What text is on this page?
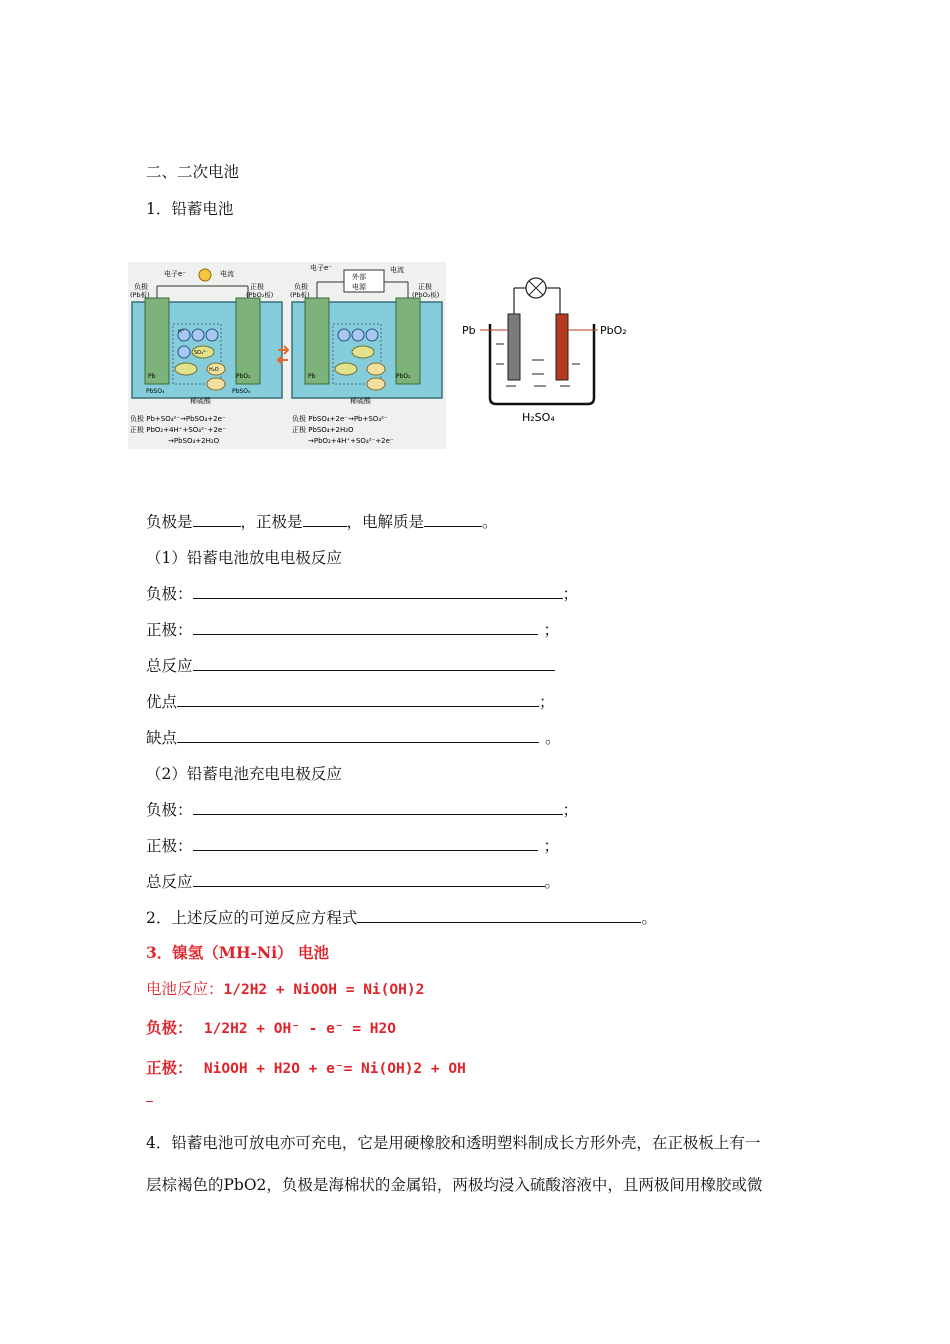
二、二次电池
1．铅蓄电池
负极
(Pb板)
电子e⁻	电流
正极
(PbO₂板)
H⁺
SO₄²⁻
H₂O
Pb	PbO₂
PbSO₄	PbSO₄
稀硫酸
负极 Pb+SO₄²⁻→PbSO₄+2e⁻
正极 PbO₂+4H⁺+SO₄²⁻+2e⁻
→PbSO₄+2H₂O
电子e⁻
外部
电源
电流
负极
(Pb板)
正极
(PbO₂板)
Pb	PbO₂
稀硫酸
负极 PbSO₄+2e⁻→Pb+SO₄²⁻
正极 PbSO₄+2H₂O
→PbO₂+4H⁺+SO₄²⁻+2e⁻
Pb	PbO₂
H₂SO₄
负极是	，正极是	，电解质是	。
（1）铅蓄电池放电电极反应
负极：	；
正极：	；
总反应
优点	；
缺点	。
（2）铅蓄电池充电电极反应
负极：	；
正极：	；
总反应	。
2．上述反应的可逆反应方程式	。
3．镍氢（MH-Ni） 电池
电池反应：1/2H2 + NiOOH = Ni(OH)2
负极： 1/2H2 + OH⁻ - e⁻ = H2O
正极： NiOOH + H2O + e⁻= Ni(OH)2 + OH
4．铅蓄电池可放电亦可充电，它是用硬橡胶和透明塑料制成长方形外壳，在正极板上有一
层棕褐色的PbO2，负极是海棉状的金属铅，两极均浸入硫酸溶液中，且两极间用橡胶或微
